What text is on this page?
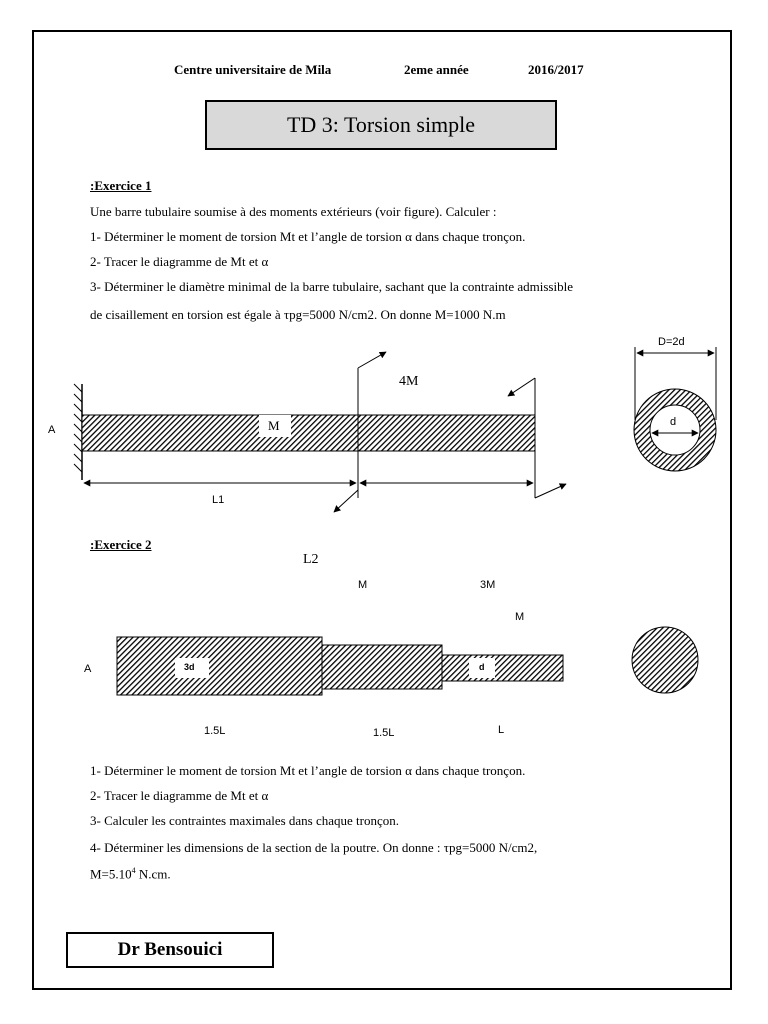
Centre universitaire de Mila	2eme année	2016/2017
TD 3: Torsion simple
:Exercice 1
Une barre tubulaire soumise à des moments extérieurs (voir figure). Calculer :
1- Déterminer le moment de torsion Mt et l’angle de torsion α dans chaque tronçon.
2- Tracer le diagramme de Mt et α
3- Déterminer le diamètre minimal de la barre tubulaire, sachant que la contrainte admissible
de cisaillement en torsion est égale à τpg=5000 N/cm2. On donne M=1000 N.m
A	M
4M
L1
D=2d
d
:Exercice 2
L2
M	3M
M
A	3d	d
1.5L	1.5L	L
1- Déterminer le moment de torsion Mt et l’angle de torsion α dans chaque tronçon.
2- Tracer le diagramme de Mt et α
3- Calculer les contraintes maximales dans chaque tronçon.
4- Déterminer les dimensions de la section de la poutre. On donne : τpg=5000 N/cm2,
$M=5.10^4$ N.cm.
Dr Bensouici
